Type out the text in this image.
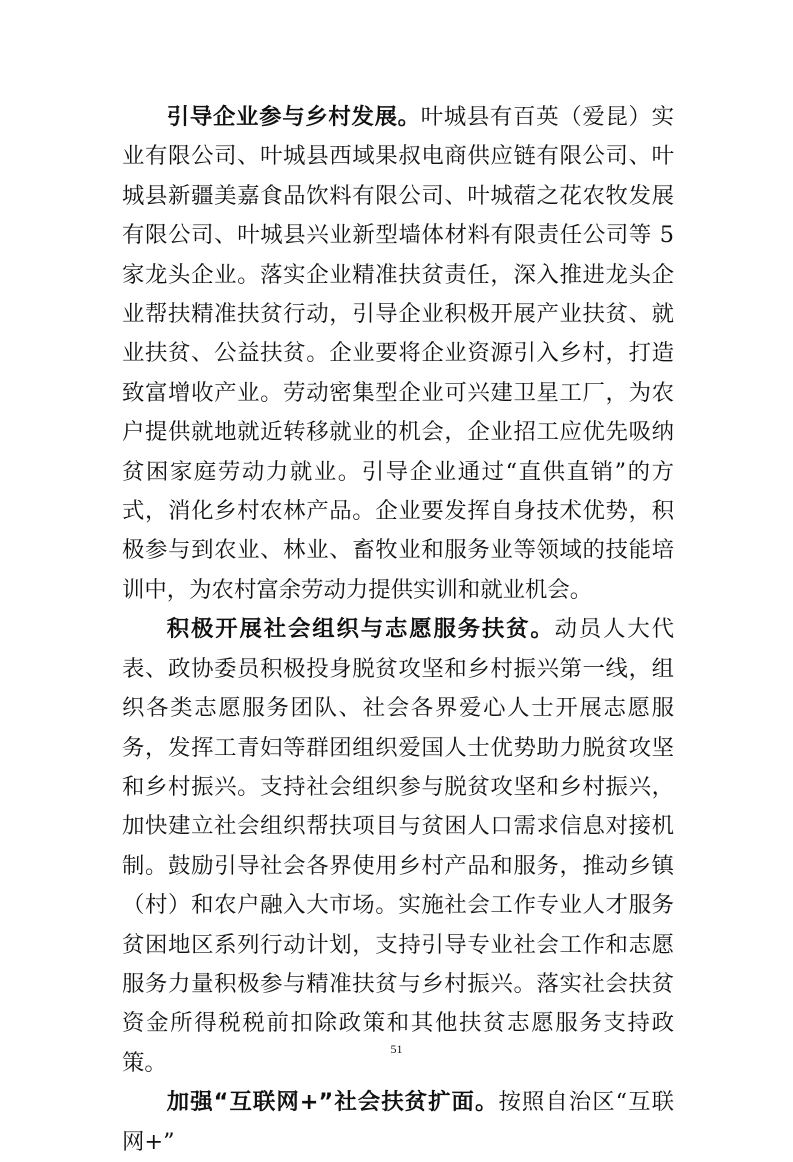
引导企业参与乡村发展。叶城县有百英（爱昆）实业有限公司、叶城县西域果叔电商供应链有限公司、叶城县新疆美嘉食品饮料有限公司、叶城蓿之花农牧发展有限公司、叶城县兴业新型墙体材料有限责任公司等 5 家龙头企业。落实企业精准扶贫责任，深入推进龙头企业帮扶精准扶贫行动，引导企业积极开展产业扶贫、就业扶贫、公益扶贫。企业要将企业资源引入乡村，打造致富增收产业。劳动密集型企业可兴建卫星工厂，为农户提供就地就近转移就业的机会，企业招工应优先吸纳贫困家庭劳动力就业。引导企业通过“直供直销”的方式，消化乡村农林产品。企业要发挥自身技术优势，积极参与到农业、林业、畜牧业和服务业等领域的技能培训中，为农村富余劳动力提供实训和就业机会。

积极开展社会组织与志愿服务扶贫。动员人大代表、政协委员积极投身脱贫攻坚和乡村振兴第一线，组织各类志愿服务团队、社会各界爱心人士开展志愿服务，发挥工青妇等群团组织爱国人士优势助力脱贫攻坚和乡村振兴。支持社会组织参与脱贫攻坚和乡村振兴，加快建立社会组织帮扶项目与贫困人口需求信息对接机制。鼓励引导社会各界使用乡村产品和服务，推动乡镇（村）和农户融入大市场。实施社会工作专业人才服务贫困地区系列行动计划，支持引导专业社会工作和志愿服务力量积极参与精准扶贫与乡村振兴。落实社会扶贫资金所得税税前扣除政策和其他扶贫志愿服务支持政策。

加强“互联网+”社会扶贫扩面。按照自治区“互联网+”

51
